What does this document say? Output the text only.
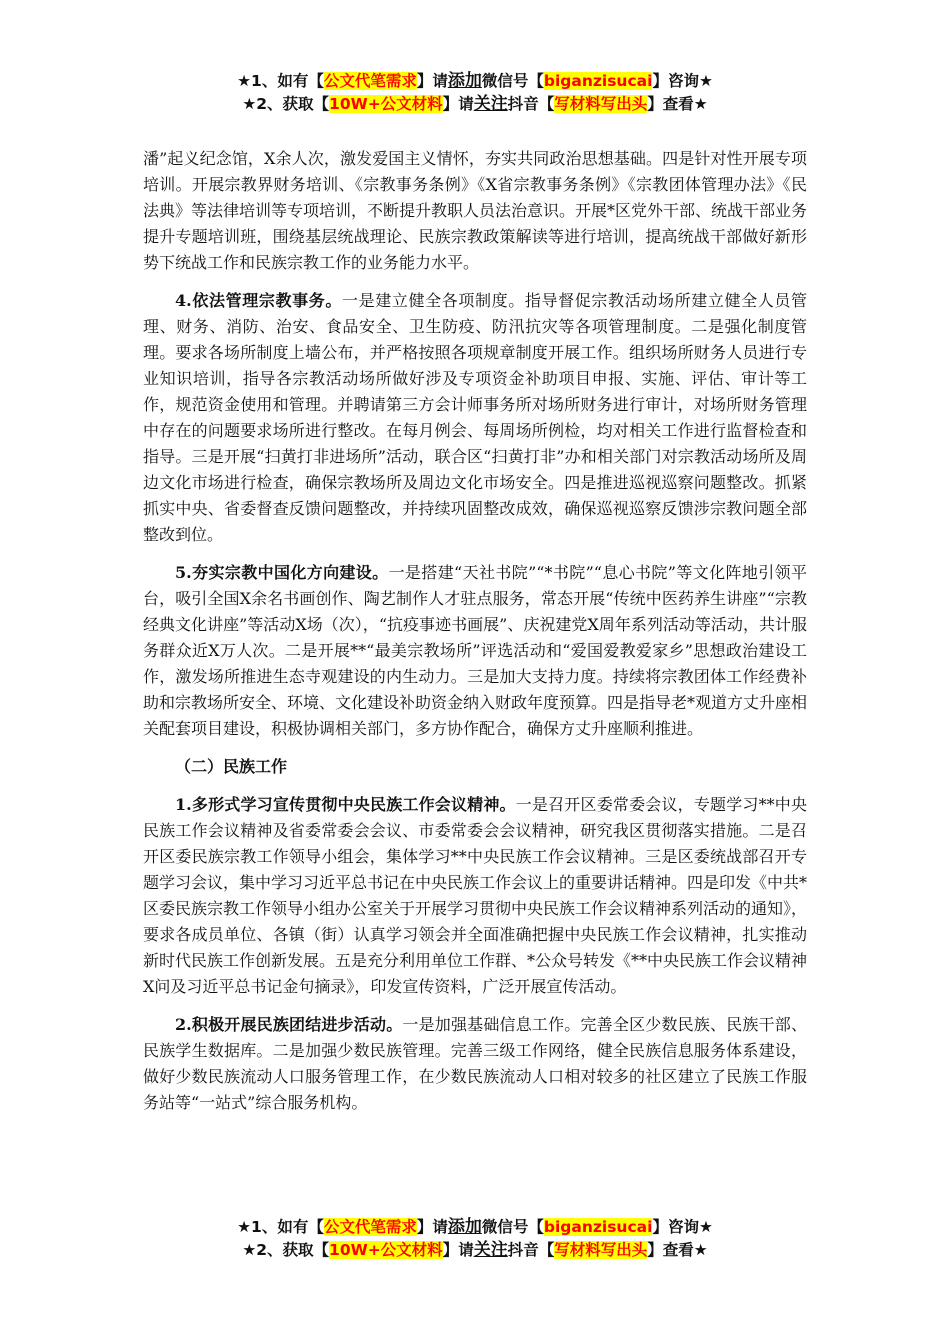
★1、如有【公文代笔需求】请添加微信号【biganzisucai】咨询★
★2、获取【10W+公文材料】请关注抖音【写材料写出头】查看★

潘”起义纪念馆，X余人次，激发爱国主义情怀，夯实共同政治思想基础。四是针对性开展专项培训。开展宗教界财务培训、《宗教事务条例》《X省宗教事务条例》《宗教团体管理办法》《民法典》等法律培训等专项培训，不断提升教职人员法治意识。开展*区党外干部、统战干部业务提升专题培训班，围绕基层统战理论、民族宗教政策解读等进行培训，提高统战干部做好新形势下统战工作和民族宗教工作的业务能力水平。

4.依法管理宗教事务。一是建立健全各项制度。指导督促宗教活动场所建立健全人员管理、财务、消防、治安、食品安全、卫生防疫、防汛抗灾等各项管理制度。二是强化制度管理。要求各场所制度上墙公布，并严格按照各项规章制度开展工作。组织场所财务人员进行专业知识培训，指导各宗教活动场所做好涉及专项资金补助项目申报、实施、评估、审计等工作，规范资金使用和管理。并聘请第三方会计师事务所对场所财务进行审计，对场所财务管理中存在的问题要求场所进行整改。在每月例会、每周场所例检，均对相关工作进行监督检查和指导。三是开展“扫黄打非进场所”活动，联合区“扫黄打非”办和相关部门对宗教活动场所及周边文化市场进行检查，确保宗教场所及周边文化市场安全。四是推进巡视巡察问题整改。抓紧抓实中央、省委督查反馈问题整改，并持续巩固整改成效，确保巡视巡察反馈涉宗教问题全部整改到位。

5.夯实宗教中国化方向建设。一是搭建“天社书院”“*书院”“息心书院”等文化阵地引领平台，吸引全国X余名书画创作、陶艺制作人才驻点服务，常态开展“传统中医药养生讲座”“宗教经典文化讲座”等活动X场（次），“抗疫事迹书画展”、庆祝建党X周年系列活动等活动，共计服务群众近X万人次。二是开展**“最美宗教场所”评选活动和“爱国爱教爱家乡”思想政治建设工作，激发场所推进生态寺观建设的内生动力。三是加大支持力度。持续将宗教团体工作经费补助和宗教场所安全、环境、文化建设补助资金纳入财政年度预算。四是指导老*观道方丈升座相关配套项目建设，积极协调相关部门，多方协作配合，确保方丈升座顺利推进。

（二）民族工作

1.多形式学习宣传贯彻中央民族工作会议精神。一是召开区委常委会议，专题学习**中央民族工作会议精神及省委常委会会议、市委常委会会议精神，研究我区贯彻落实措施。二是召开区委民族宗教工作领导小组会，集体学习**中央民族工作会议精神。三是区委统战部召开专题学习会议，集中学习习近平总书记在中央民族工作会议上的重要讲话精神。四是印发《中共*区委民族宗教工作领导小组办公室关于开展学习贯彻中央民族工作会议精神系列活动的通知》，要求各成员单位、各镇（街）认真学习领会并全面准确把握中央民族工作会议精神，扎实推动新时代民族工作创新发展。五是充分利用单位工作群、*公众号转发《**中央民族工作会议精神X问及习近平总书记金句摘录》，印发宣传资料，广泛开展宣传活动。

2.积极开展民族团结进步活动。一是加强基础信息工作。完善全区少数民族、民族干部、民族学生数据库。二是加强少数民族管理。完善三级工作网络，健全民族信息服务体系建设，做好少数民族流动人口服务管理工作，在少数民族流动人口相对较多的社区建立了民族工作服务站等“一站式”综合服务机构。

★1、如有【公文代笔需求】请添加微信号【biganzisucai】咨询★
★2、获取【10W+公文材料】请关注抖音【写材料写出头】查看★
